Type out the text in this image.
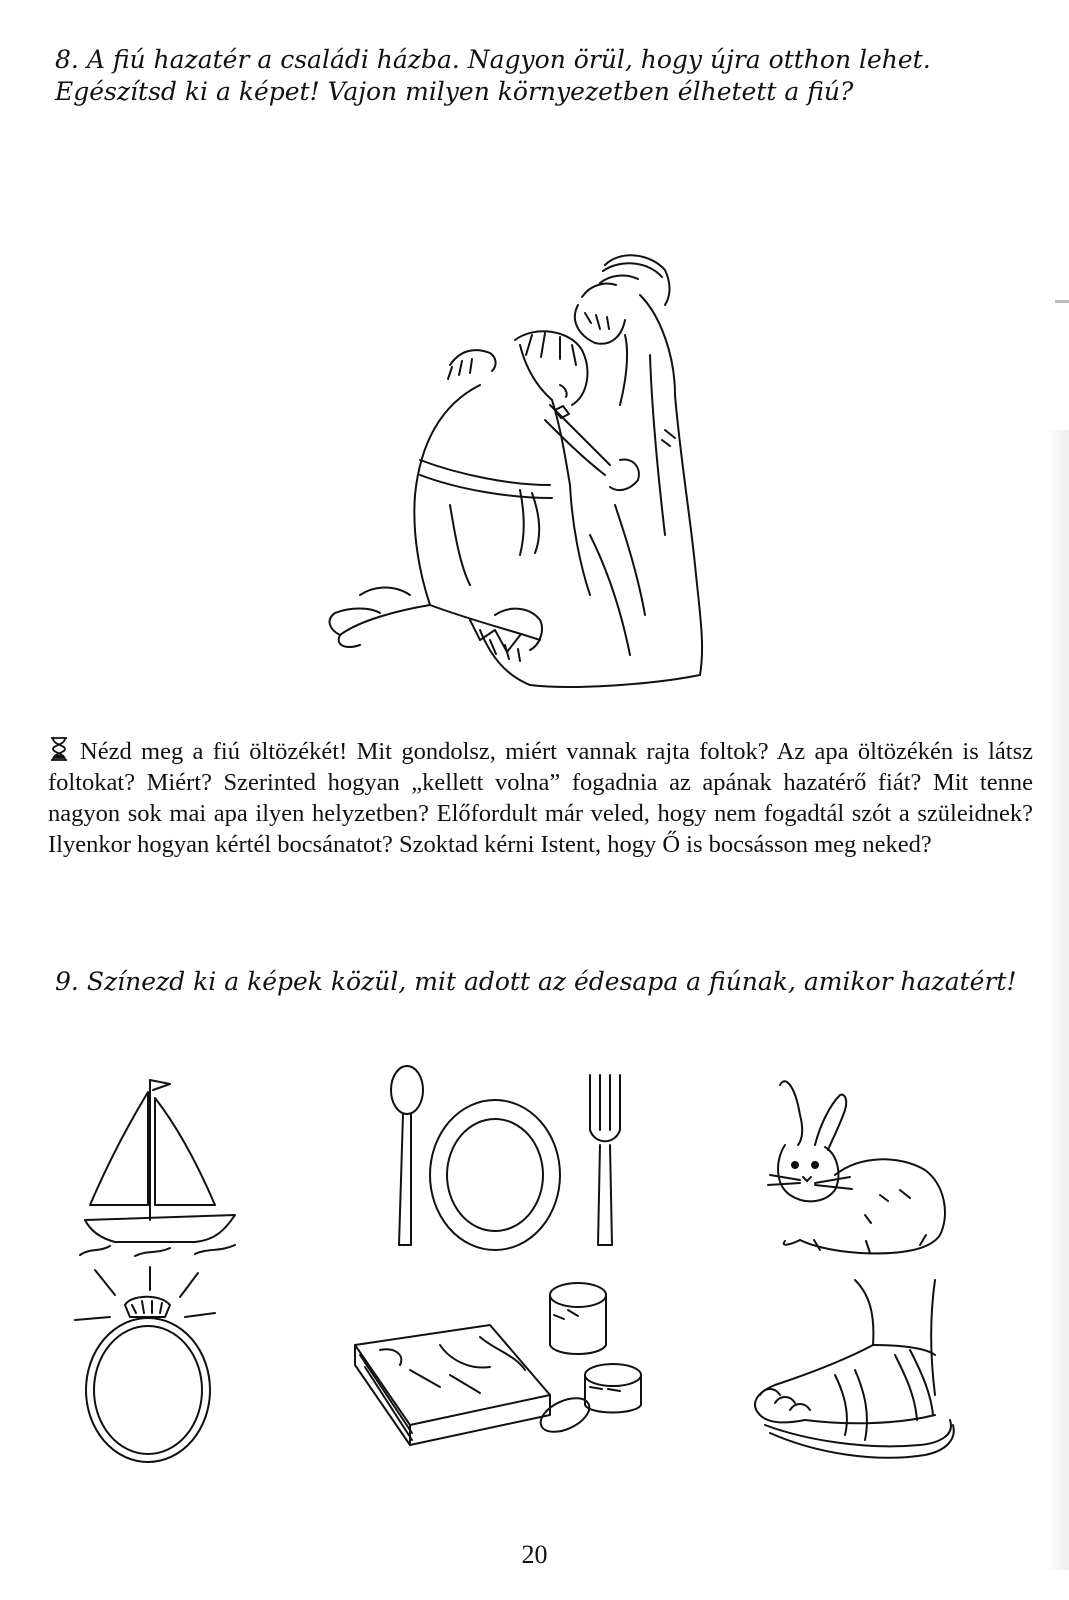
8. A fiú hazatér a családi házba. Nagyon örül, hogy újra otthon lehet. Egészítsd ki a képet! Vajon milyen környezetben élhetett a fiú?
Nézd meg a fiú öltözékét! Mit gondolsz, miért vannak rajta foltok? Az apa öltözékén is látsz foltokat? Miért? Szerinted hogyan „kellett volna” fogadnia az apának hazatérő fiát? Mit tenne nagyon sok mai apa ilyen helyzetben? Előfordult már veled, hogy nem fogadtál szót a szüleidnek? Ilyenkor hogyan kértél bocsánatot? Szoktad kérni Istent, hogy Ő is bocsásson meg neked?
9. Színezd ki a képek közül, mit adott az édesapa a fiúnak, amikor hazatért!
20
